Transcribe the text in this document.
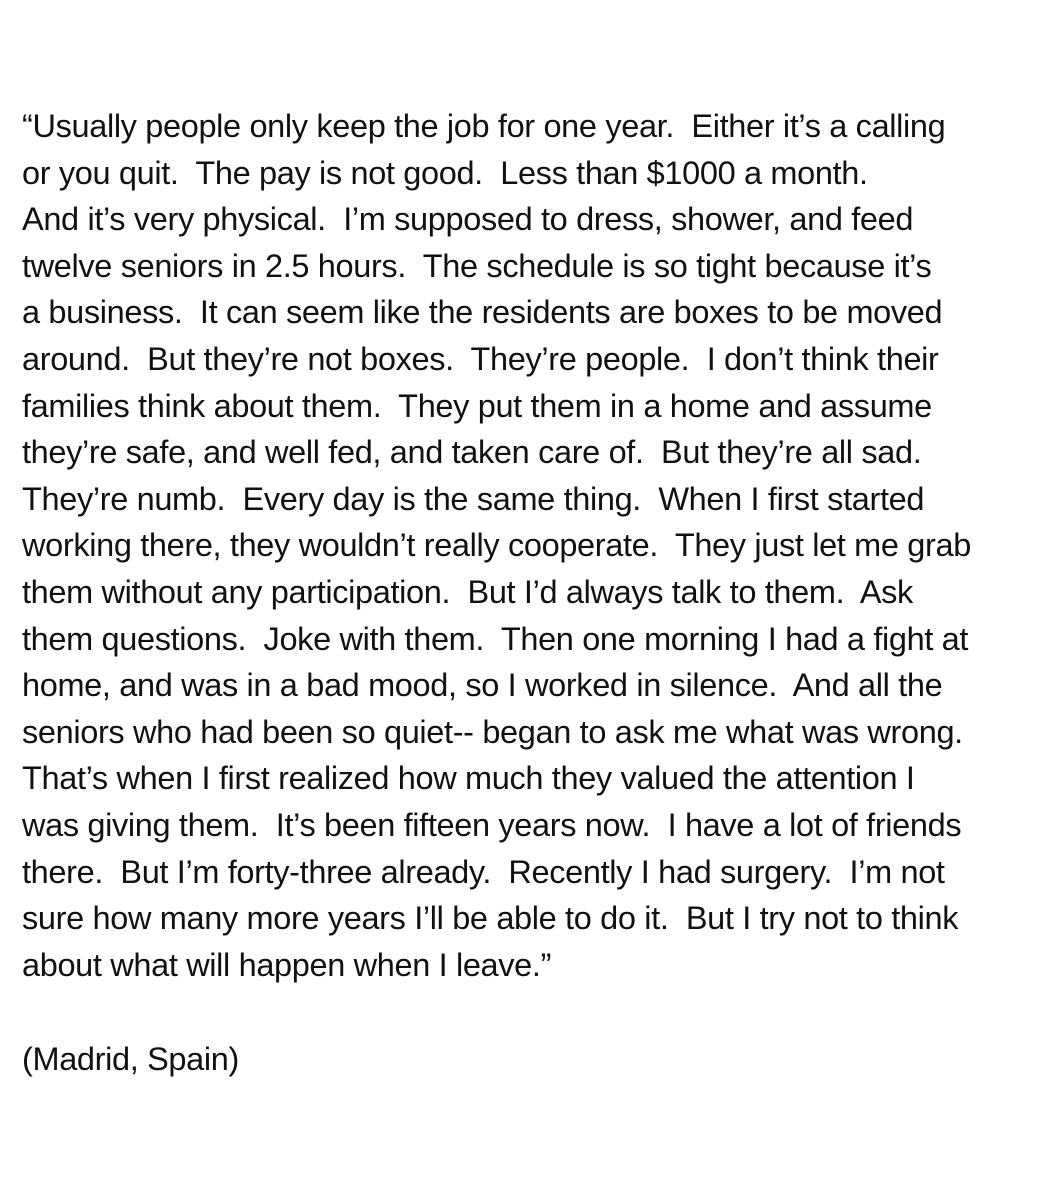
“Usually people only keep the job for one year.  Either it’s a calling
or you quit.  The pay is not good.  Less than $1000 a month.
And it’s very physical.  I’m supposed to dress, shower, and feed
twelve seniors in 2.5 hours.  The schedule is so tight because it’s
a business.  It can seem like the residents are boxes to be moved
around.  But they’re not boxes.  They’re people.  I don’t think their
families think about them.  They put them in a home and assume
they’re safe, and well fed, and taken care of.  But they’re all sad.
They’re numb.  Every day is the same thing.  When I first started
working there, they wouldn’t really cooperate.  They just let me grab
them without any participation.  But I’d always talk to them.  Ask
them questions.  Joke with them.  Then one morning I had a fight at
home, and was in a bad mood, so I worked in silence.  And all the
seniors who had been so quiet-- began to ask me what was wrong.
That’s when I first realized how much they valued the attention I
was giving them.  It’s been fifteen years now.  I have a lot of friends
there.  But I’m forty-three already.  Recently I had surgery.  I’m not
sure how many more years I’ll be able to do it.  But I try not to think
about what will happen when I leave.”

(Madrid, Spain)
